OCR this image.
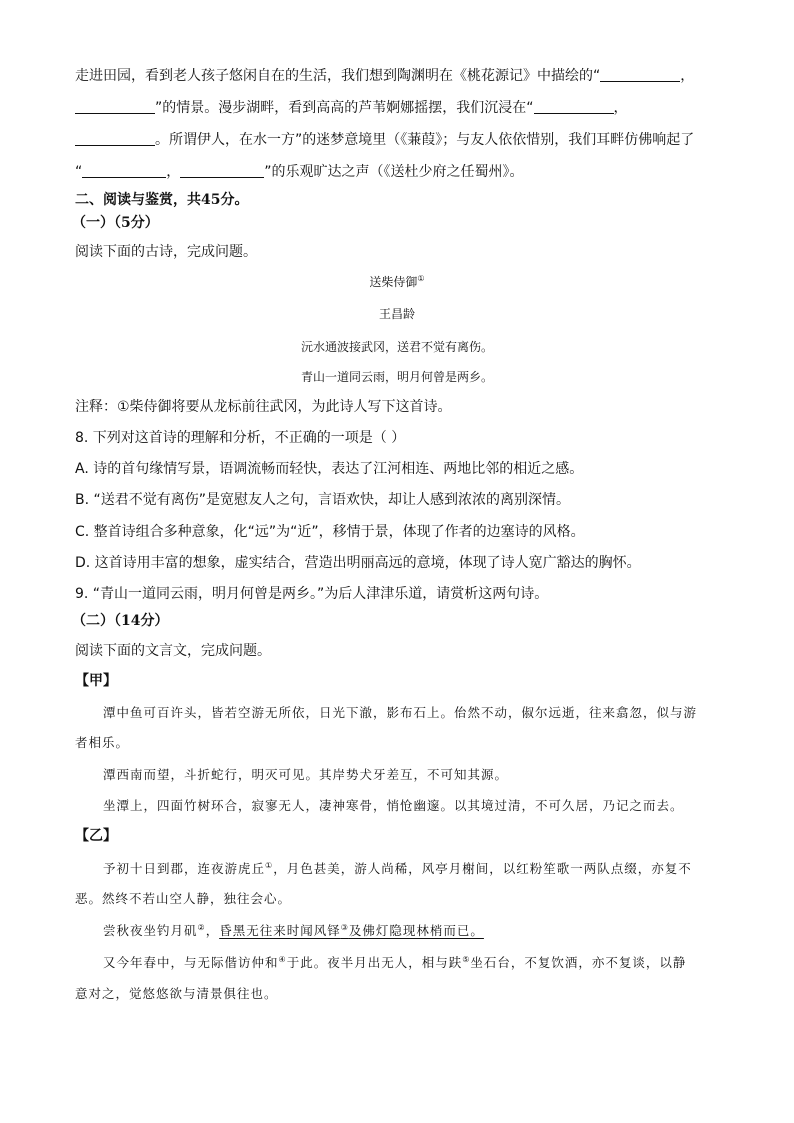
走进田园，看到老人孩子悠闲自在的生活，我们想到陶渊明在《桃花源记》中描绘的“	，
”的情景。漫步湖畔，看到高高的芦苇婀娜摇摆，我们沉浸在“	，
。所谓伊人，在水一方”的迷梦意境里（《蒹葭》；与友人依依惜别，我们耳畔仿佛响起了
“	，	”的乐观旷达之声（《送杜少府之任蜀州》。
二、阅读与鉴赏，共45分。
（一）（5分）
阅读下面的古诗，完成问题。
送柴侍御①
王昌龄
沅水通波接武冈，送君不觉有离伤。
青山一道同云雨，明月何曾是两乡。
注释：①柴侍御将要从龙标前往武冈，为此诗人写下这首诗。
8. 下列对这首诗的理解和分析，不正确的一项是（ ）
A. 诗的首句缘情写景，语调流畅而轻快，表达了江河相连、两地比邻的相近之感。
B. “送君不觉有离伤”是宽慰友人之句，言语欢快，却让人感到浓浓的离别深情。
C. 整首诗组合多种意象，化“远”为“近”，移情于景，体现了作者的边塞诗的风格。
D. 这首诗用丰富的想象，虚实结合，营造出明丽高远的意境，体现了诗人宽广豁达的胸怀。
9. “青山一道同云雨，明月何曾是两乡。”为后人津津乐道，请赏析这两句诗。
（二）（14分）
阅读下面的文言文，完成问题。
【甲】
潭中鱼可百许头，皆若空游无所依，日光下澈，影布石上。佁然不动，俶尔远逝，往来翕忽，似与游
者相乐。
潭西南而望，斗折蛇行，明灭可见。其岸势犬牙差互，不可知其源。
坐潭上，四面竹树环合，寂寥无人，凄神寒骨，悄怆幽邃。以其境过清，不可久居，乃记之而去。
【乙】
予初十日到郡，连夜游虎丘①，月色甚美，游人尚稀，风亭月榭间，以红粉笙歌一两队点缀，亦复不
恶。然终不若山空人静，独往会心。
尝秋夜坐钓月矶②，昏黑无往来时闻风铎③及佛灯隐现林梢而已。
又今年春中，与无际偕访仲和④于此。夜半月出无人，相与趺⑤坐石台，不复饮酒，亦不复谈，以静
意对之，觉悠悠欲与清景俱往也。
